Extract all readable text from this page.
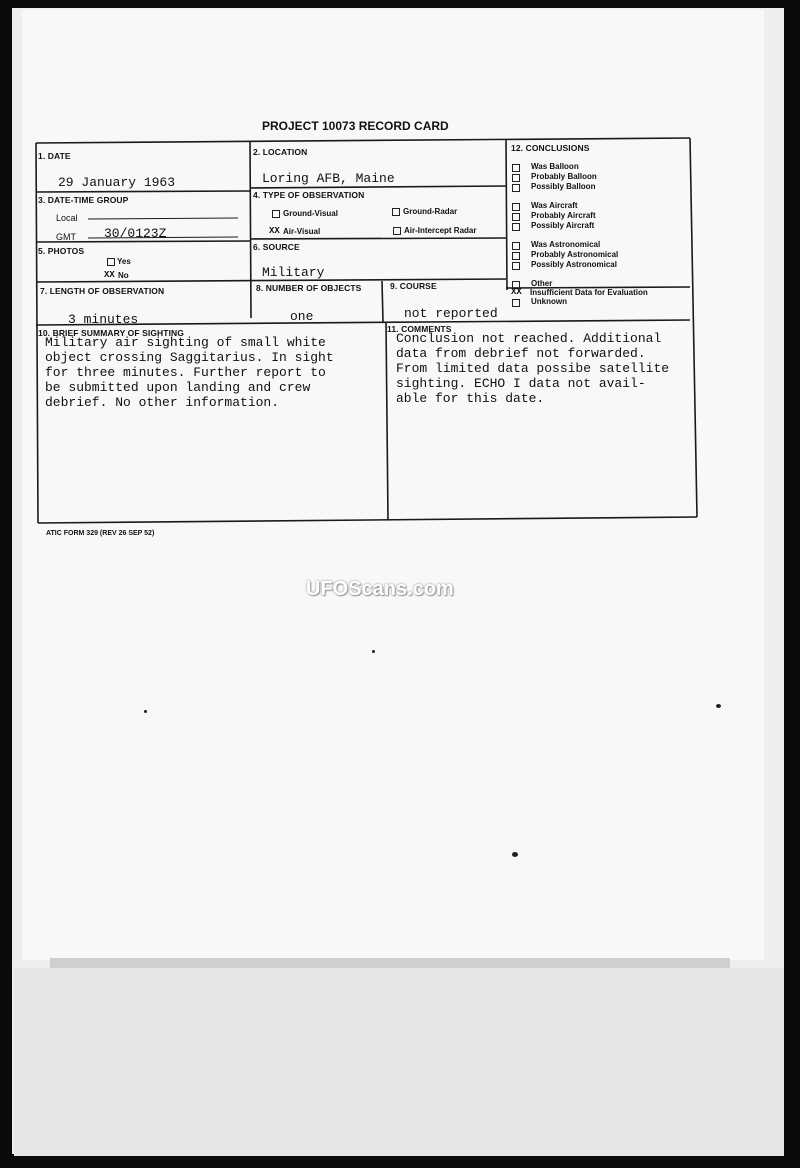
PROJECT 10073 RECORD CARD
1. DATE
29 January 1963
2. LOCATION
Loring AFB, Maine
3. DATE-TIME GROUP
Local
GMT 30/0123Z
4. TYPE OF OBSERVATION
Ground-Visual	Ground-Radar
XX Air-Visual	Air-Intercept Radar
5. PHOTOS
Yes
XX No
6. SOURCE
Military
7. LENGTH OF OBSERVATION
3 minutes
8. NUMBER OF OBJECTS
one
9. COURSE
not reported
10. BRIEF SUMMARY OF SIGHTING
Military air sighting of small white
object crossing Saggitarius. In sight
for three minutes. Further report to
be submitted upon landing and crew
debrief. No other information.
11. COMMENTS
Conclusion not reached. Additional
data from debrief not forwarded.
From limited data possibe satellite
sighting. ECHO I data not avail-
able for this date.
12. CONCLUSIONS
Was Balloon
Probably Balloon
Possibly Balloon
Was Aircraft
Probably Aircraft
Possibly Aircraft
Was Astronomical
Probably Astronomical
Possibly Astronomical
Other
XX Insufficient Data for Evaluation
Unknown
ATIC FORM 329 (REV 26 SEP 52)
UFOScans.com
